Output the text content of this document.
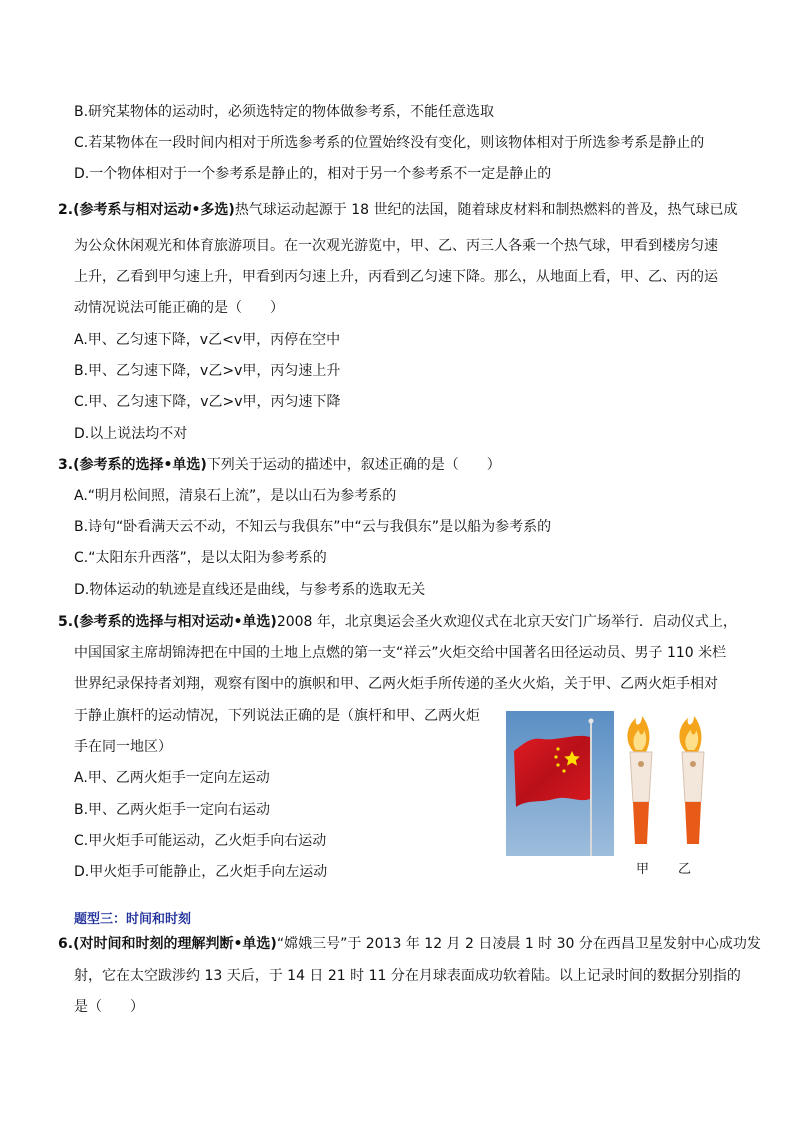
B.研究某物体的运动时，必须选特定的物体做参考系，不能任意选取
C.若某物体在一段时间内相对于所选参考系的位置始终没有变化，则该物体相对于所选参考系是静止的
D.一个物体相对于一个参考系是静止的，相对于另一个参考系不一定是静止的
2.(参考系与相对运动•多选)热气球运动起源于 18 世纪的法国，随着球皮材料和制热燃料的普及，热气球已成
为公众休闲观光和体育旅游项目。在一次观光游览中，甲、乙、丙三人各乘一个热气球，甲看到楼房匀速
上升，乙看到甲匀速上升，甲看到丙匀速上升，丙看到乙匀速下降。那么，从地面上看，甲、乙、丙的运
动情况说法可能正确的是（　　）
A.甲、乙匀速下降，v乙<v甲，丙停在空中
B.甲、乙匀速下降，v乙>v甲，丙匀速上升
C.甲、乙匀速下降，v乙>v甲，丙匀速下降
D.以上说法均不对
3.(参考系的选择•单选)下列关于运动的描述中，叙述正确的是（　　）
A.“明月松间照，清泉石上流”，是以山石为参考系的
B.诗句“卧看满天云不动，不知云与我俱东”中“云与我俱东”是以船为参考系的
C.“太阳东升西落”，是以太阳为参考系的
D.物体运动的轨迹是直线还是曲线，与参考系的选取无关
5.(参考系的选择与相对运动•单选)2008 年，北京奥运会圣火欢迎仪式在北京天安门广场举行．启动仪式上，
中国国家主席胡锦涛把在中国的土地上点燃的第一支“祥云”火炬交给中国著名田径运动员、男子 110 米栏
世界纪录保持者刘翔，观察有图中的旗帜和甲、乙两火炬手所传递的圣火火焰，关于甲、乙两火炬手相对
于静止旗杆的运动情况，下列说法正确的是（旗杆和甲、乙两火炬
手在同一地区）
A.甲、乙两火炬手一定向左运动
B.甲、乙两火炬手一定向右运动
C.甲火炬手可能运动，乙火炬手向右运动
D.甲火炬手可能静止，乙火炬手向左运动	甲 乙
题型三：时间和时刻
6.(对时间和时刻的理解判断•单选)“嫦娥三号”于 2013 年 12 月 2 日凌晨 1 时 30 分在西昌卫星发射中心成功发
射，它在太空跋涉约 13 天后，于 14 日 21 时 11 分在月球表面成功软着陆。以上记录时间的数据分别指的
是（　　）
